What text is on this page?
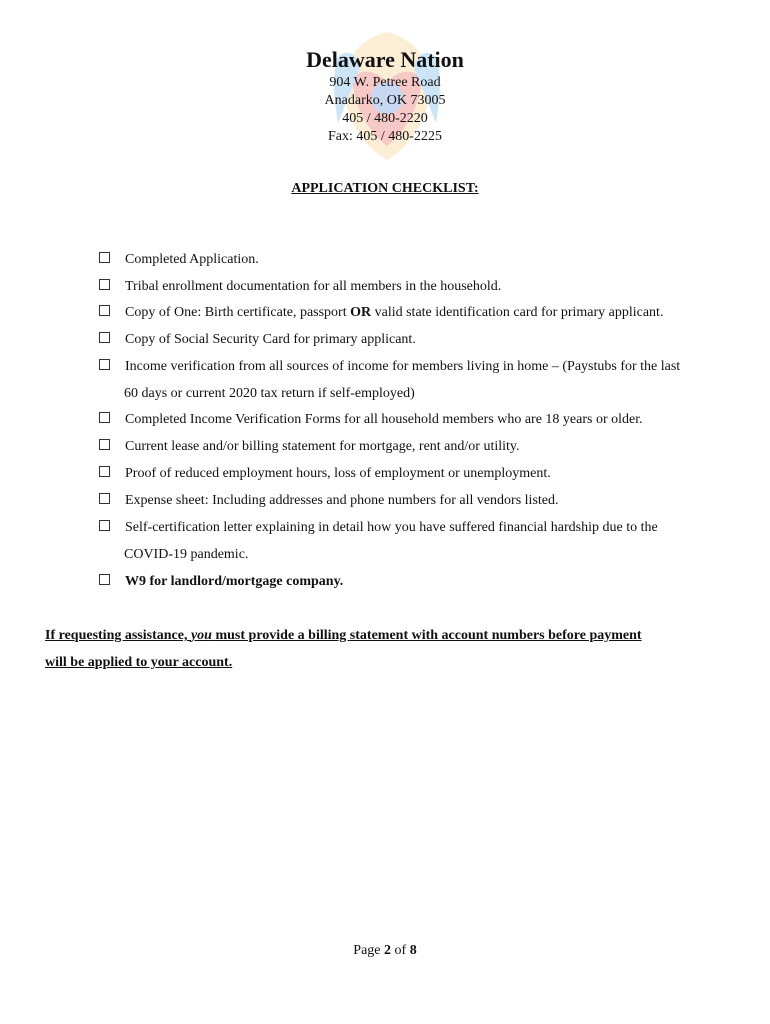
Delaware Nation

904 W. Petree Road

Anadarko, OK 73005

405 / 480-2220

Fax: 405 / 480-2225

APPLICATION CHECKLIST:
Completed Application.
Tribal enrollment documentation for all members in the household.
Copy of One: Birth certificate, passport OR valid state identification card for primary applicant.
Copy of Social Security Card for primary applicant.
Income verification from all sources of income for members living in home – (Paystubs for the last
60 days or current 2020 tax return if self-employed)
Completed Income Verification Forms for all household members who are 18 years or older.
Current lease and/or billing statement for mortgage, rent and/or utility.
Proof of reduced employment hours, loss of employment or unemployment.
Expense sheet: Including addresses and phone numbers for all vendors listed.
Self-certification letter explaining in detail how you have suffered financial hardship due to the
COVID-19 pandemic.
W9 for landlord/mortgage company.
If requesting assistance, you must provide a billing statement with account numbers before payment
will be applied to your account.
Page 2 of 8
